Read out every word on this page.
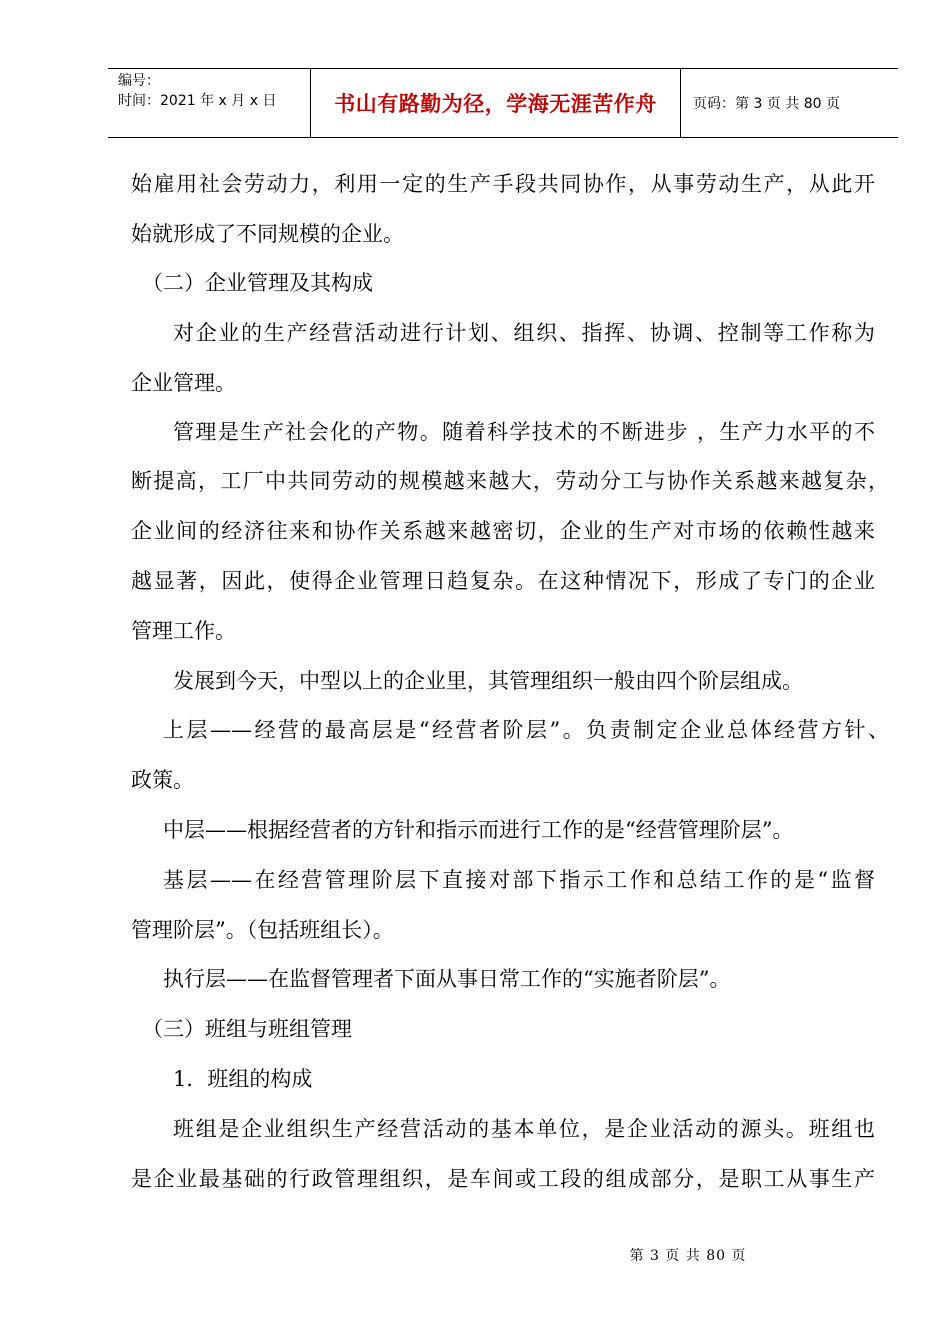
编号：
时间：2021 年 x 月 x 日	书山有路勤为径，学海无涯苦作舟	页码：第 3 页 共 80 页
始雇用社会劳动力，利用一定的生产手段共同协作，从事劳动生产，从此开
始就形成了不同规模的企业。
（二）企业管理及其构成
对企业的生产经营活动进行计划、组织、指挥、协调、控制等工作称为
企业管理。
管理是生产社会化的产物。随着科学技术的不断进步 ，生产力水平的不
断提高，工厂中共同劳动的规模越来越大，劳动分工与协作关系越来越复杂，
企业间的经济往来和协作关系越来越密切，企业的生产对市场的依赖性越来
越显著，因此，使得企业管理日趋复杂。在这种情况下，形成了专门的企业
管理工作。
发展到今天，中型以上的企业里，其管理组织一般由四个阶层组成。
上层——经营的最高层是“经营者阶层”。负责制定企业总体经营方针、
政策。
中层——根据经营者的方针和指示而进行工作的是“经营管理阶层”。
基层——在经营管理阶层下直接对部下指示工作和总结工作的是“监督
管理阶层”。（包括班组长）。
执行层——在监督管理者下面从事日常工作的“实施者阶层”。
（三）班组与班组管理
1．班组的构成
班组是企业组织生产经营活动的基本单位，是企业活动的源头。班组也
是企业最基础的行政管理组织，是车间或工段的组成部分，是职工从事生产
第 3 页 共 80 页
